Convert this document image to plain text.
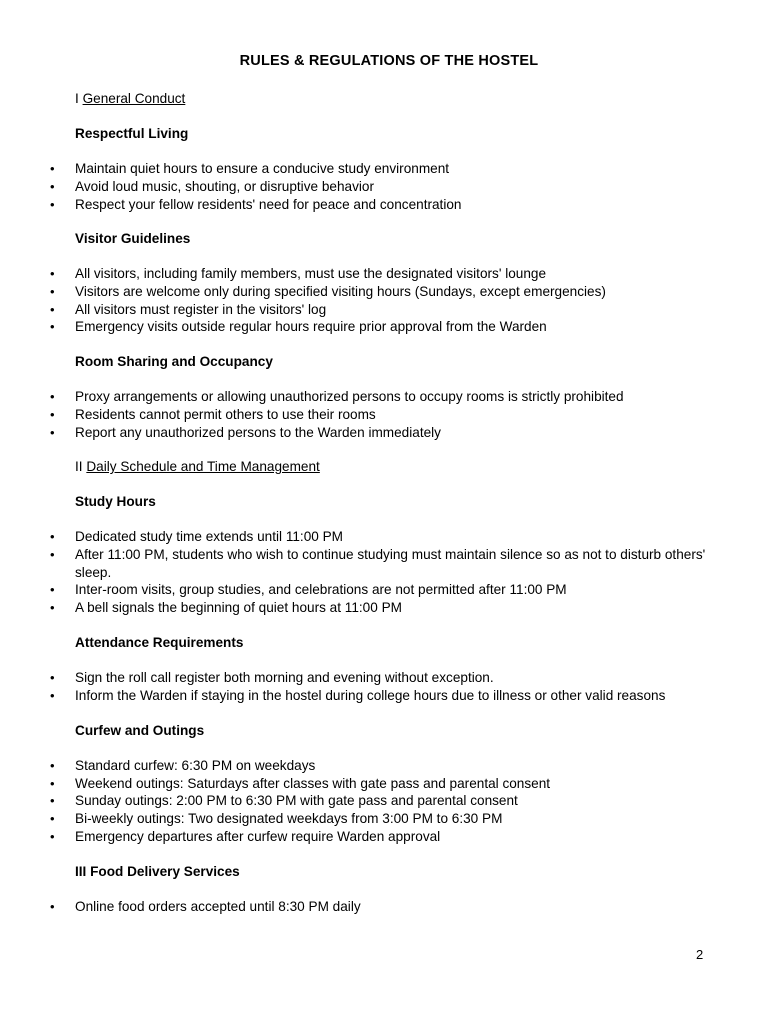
RULES & REGULATIONS OF THE HOSTEL
I General Conduct
Respectful Living
• Maintain quiet hours to ensure a conducive study environment
• Avoid loud music, shouting, or disruptive behavior
• Respect your fellow residents' need for peace and concentration
Visitor Guidelines
• All visitors, including family members, must use the designated visitors' lounge
• Visitors are welcome only during specified visiting hours (Sundays, except emergencies)
• All visitors must register in the visitors' log
• Emergency visits outside regular hours require prior approval from the Warden
Room Sharing and Occupancy
• Proxy arrangements or allowing unauthorized persons to occupy rooms is strictly prohibited
• Residents cannot permit others to use their rooms
• Report any unauthorized persons to the Warden immediately
II Daily Schedule and Time Management
Study Hours
• Dedicated study time extends until 11:00 PM
• After 11:00 PM, students who wish to continue studying must maintain silence so as not to disturb others' sleep.
• Inter-room visits, group studies, and celebrations are not permitted after 11:00 PM
• A bell signals the beginning of quiet hours at 11:00 PM
Attendance Requirements
• Sign the roll call register both morning and evening without exception.
• Inform the Warden if staying in the hostel during college hours due to illness or other valid reasons
Curfew and Outings
• Standard curfew: 6:30 PM on weekdays
• Weekend outings: Saturdays after classes with gate pass and parental consent
• Sunday outings: 2:00 PM to 6:30 PM with gate pass and parental consent
• Bi-weekly outings: Two designated weekdays from 3:00 PM to 6:30 PM
• Emergency departures after curfew require Warden approval
III Food Delivery Services
• Online food orders accepted until 8:30 PM daily
2
